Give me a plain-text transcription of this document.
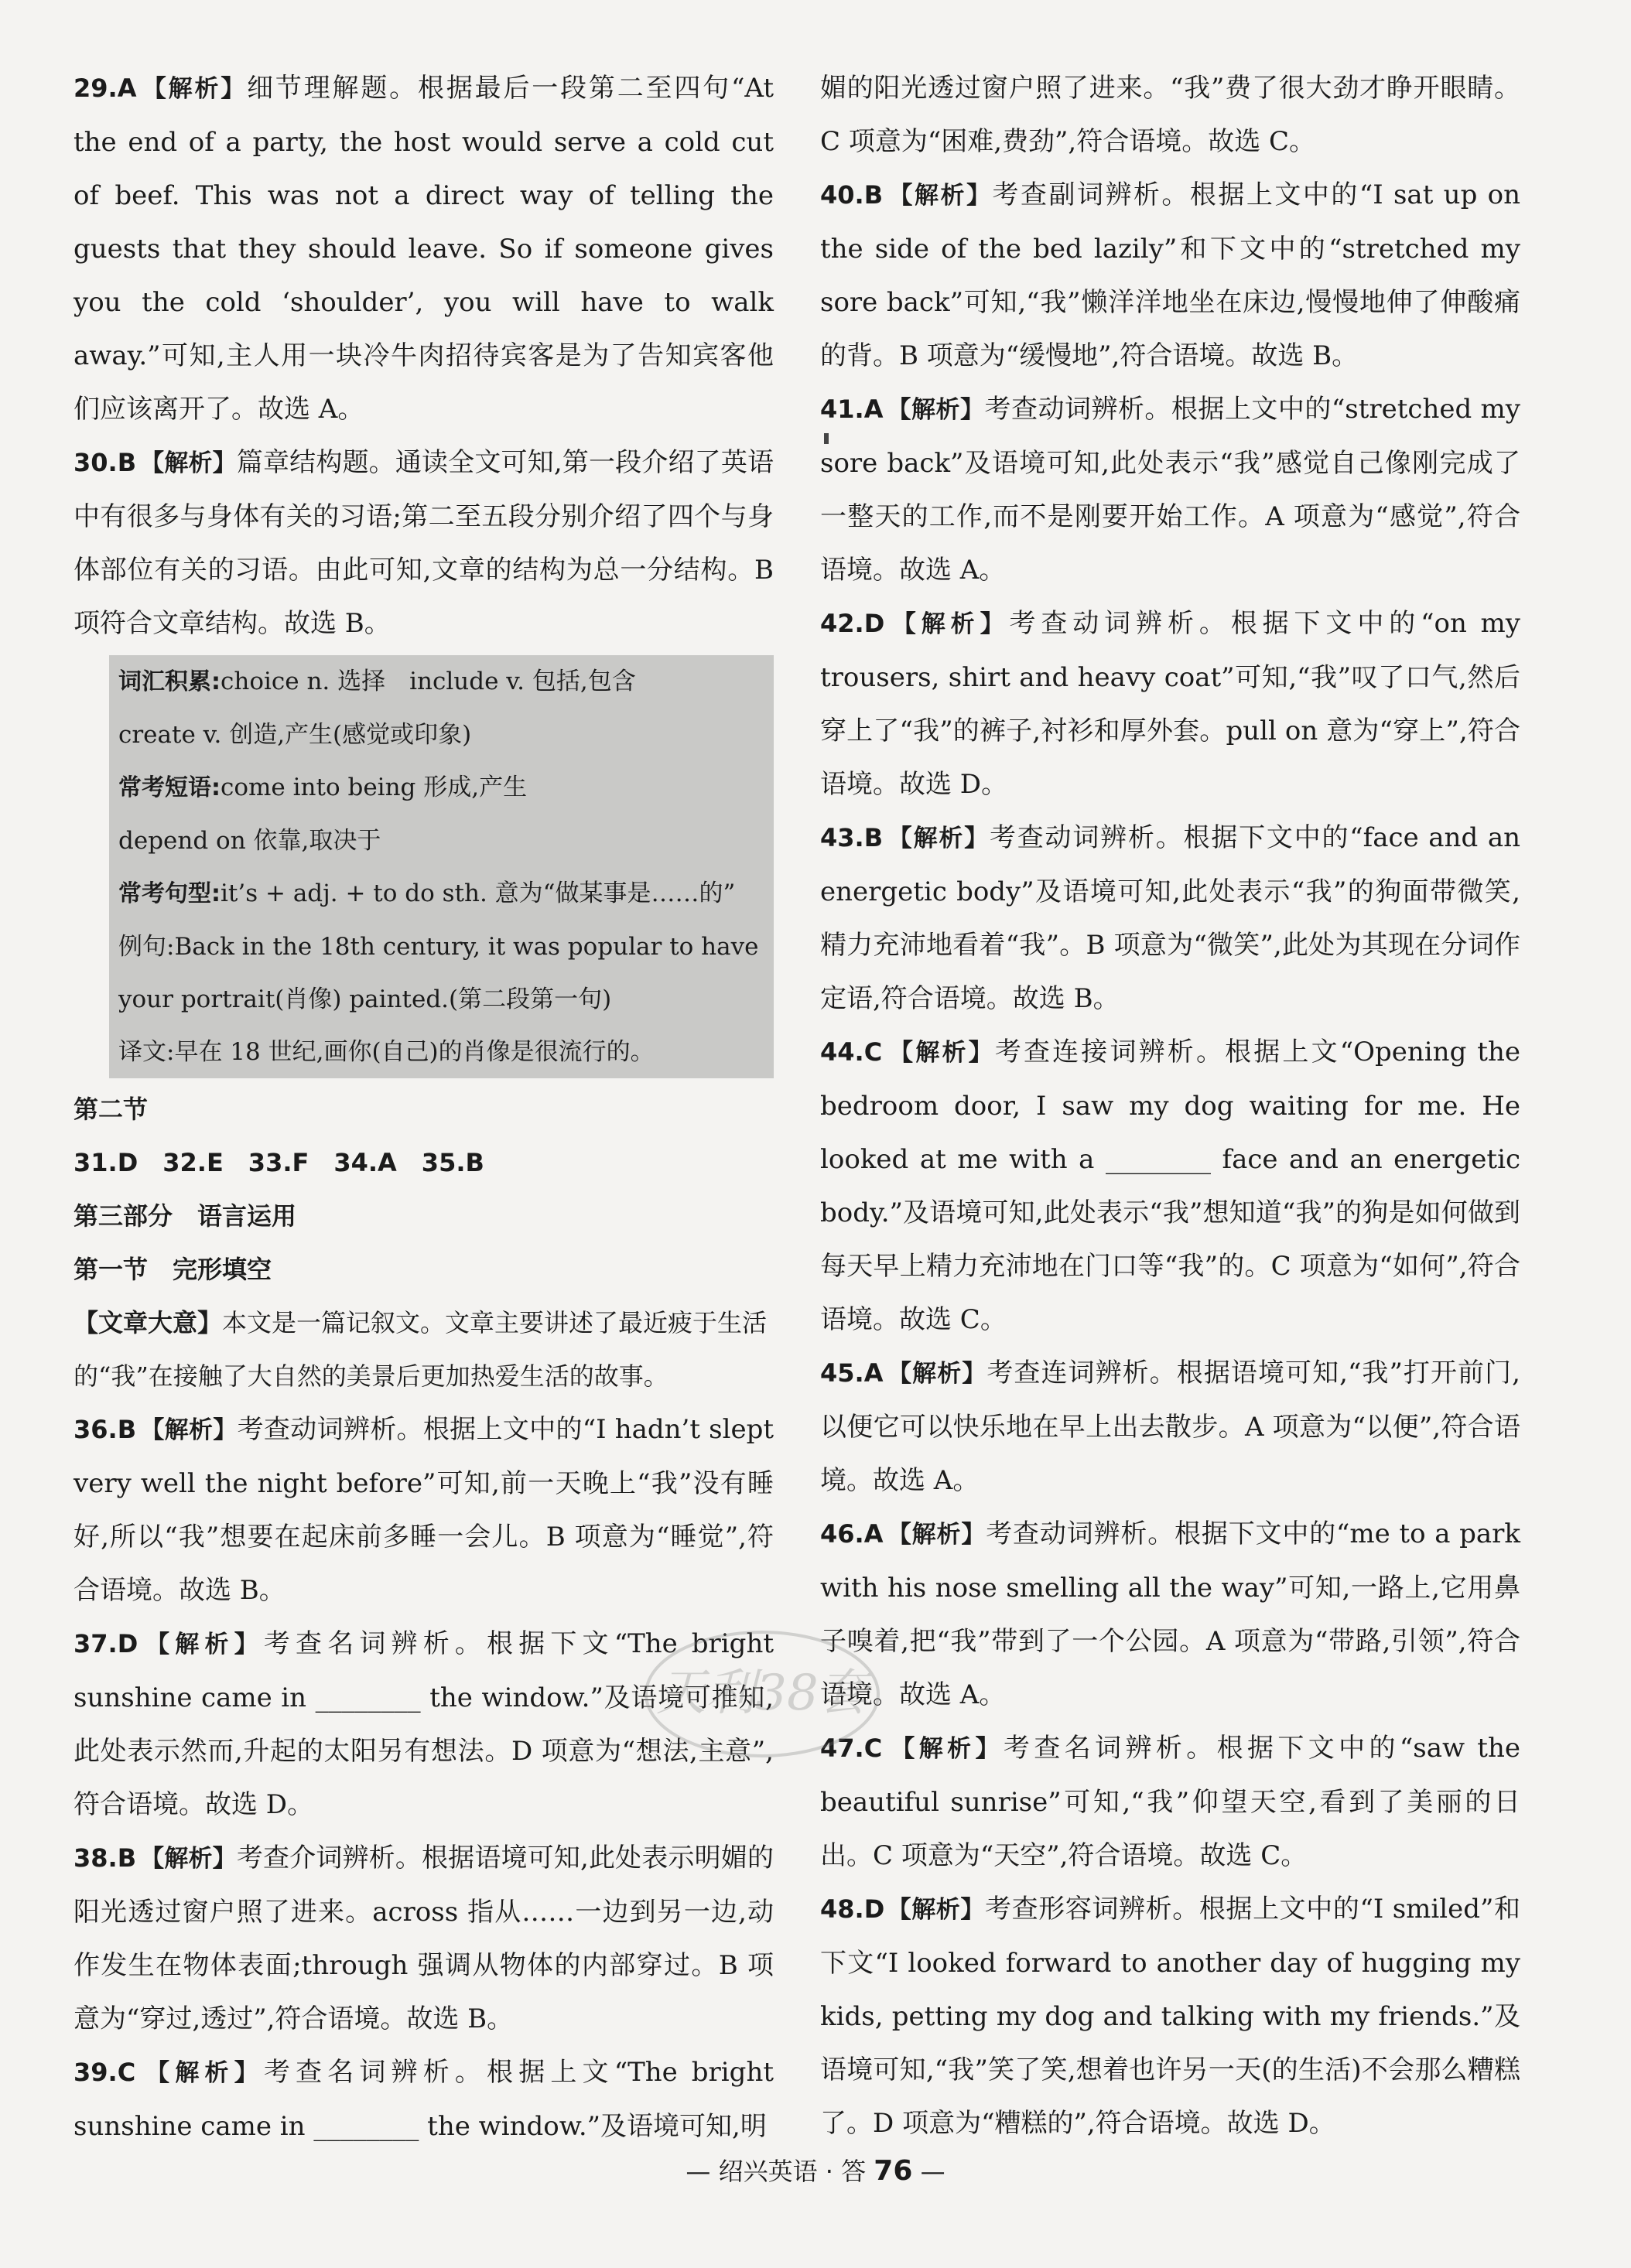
29.A 【解析】细节理解题。根据最后一段第二至四句“At the end of a party, the host would serve a cold cut of beef. This was not a direct way of telling the guests that they should leave. So if someone gives you the cold ‘shoulder’, you will have to walk away.”可知,主人用一块冷牛肉招待宾客是为了告知宾客他们应该离开了。故选 A。

30.B 【解析】篇章结构题。通读全文可知,第一段介绍了英语中有很多与身体有关的习语;第二至五段分别介绍了四个与身体部位有关的习语。由此可知,文章的结构为总一分结构。B 项符合文章结构。故选 B。

词汇积累:choice n. 选择　include v. 包括,包含

create v. 创造,产生(感觉或印象)

常考短语:come into being 形成,产生

depend on 依靠,取决于

常考句型:it’s + adj. + to do sth. 意为“做某事是……的”

例句:Back in the 18th century, it was popular to have your portrait(肖像) painted.(第二段第一句)

译文:早在 18 世纪,画你(自己)的肖像是很流行的。

第二节

31.D　32.E　33.F　34.A　35.B

第三部分　语言运用

第一节　完形填空

【文章大意】本文是一篇记叙文。文章主要讲述了最近疲于生活的“我”在接触了大自然的美景后更加热爱生活的故事。

36.B 【解析】考查动词辨析。根据上文中的“I hadn’t slept very well the night before”可知,前一天晚上“我”没有睡好,所以“我”想要在起床前多睡一会儿。B 项意为“睡觉”,符合语境。故选 B。

37.D【解析】考查名词辨析。根据下文“The bright sunshine came in ________ the window.”及语境可推知,此处表示然而,升起的太阳另有想法。D 项意为“想法,主意”,符合语境。故选 D。

38.B 【解析】考查介词辨析。根据语境可知,此处表示明媚的阳光透过窗户照了进来。across 指从……一边到另一边,动作发生在物体表面;through 强调从物体的内部穿过。B 项意为“穿过,透过”,符合语境。故选 B。

39.C 【解析】考查名词辨析。根据上文“The bright sunshine came in ________ the window.”及语境可知,明

媚的阳光透过窗户照了进来。“我”费了很大劲才睁开眼睛。C 项意为“困难,费劲”,符合语境。故选 C。

40.B 【解析】考查副词辨析。根据上文中的“I sat up on the side of the bed lazily”和下文中的“stretched my sore back”可知,“我”懒洋洋地坐在床边,慢慢地伸了伸酸痛的背。B 项意为“缓慢地”,符合语境。故选 B。

41.A 【解析】考查动词辨析。根据上文中的“stretched my sore back”及语境可知,此处表示“我”感觉自己像刚完成了一整天的工作,而不是刚要开始工作。A 项意为“感觉”,符合语境。故选 A。

42.D【解析】考查动词辨析。根据下文中的“on my trousers, shirt and heavy coat”可知,“我”叹了口气,然后穿上了“我”的裤子,衬衫和厚外套。pull on 意为“穿上”,符合语境。故选 D。

43.B 【解析】考查动词辨析。根据下文中的“face and an energetic body”及语境可知,此处表示“我”的狗面带微笑,精力充沛地看着“我”。B 项意为“微笑”,此处为其现在分词作定语,符合语境。故选 B。

44.C 【解析】考查连接词辨析。根据上文“Opening the bedroom door, I saw my dog waiting for me. He looked at me with a ________ face and an energetic body.”及语境可知,此处表示“我”想知道“我”的狗是如何做到每天早上精力充沛地在门口等“我”的。C 项意为“如何”,符合语境。故选 C。

45.A 【解析】考查连词辨析。根据语境可知,“我”打开前门,以便它可以快乐地在早上出去散步。A 项意为“以便”,符合语境。故选 A。

46.A 【解析】考查动词辨析。根据下文中的“me to a park with his nose smelling all the way”可知,一路上,它用鼻子嗅着,把“我”带到了一个公园。A 项意为“带路,引领”,符合语境。故选 A。

47.C 【解析】考查名词辨析。根据下文中的“saw the beautiful sunrise”可知,“我”仰望天空,看到了美丽的日出。C 项意为“天空”,符合语境。故选 C。

48.D【解析】考查形容词辨析。根据上文中的“I smiled”和下文“I looked forward to another day of hugging my kids, petting my dog and talking with my friends.”及语境可知,“我”笑了笑,想着也许另一天(的生活)不会那么糟糕了。D 项意为“糟糕的”,符合语境。故选 D。

天利38套
— 绍兴英语 · 答 76 —
